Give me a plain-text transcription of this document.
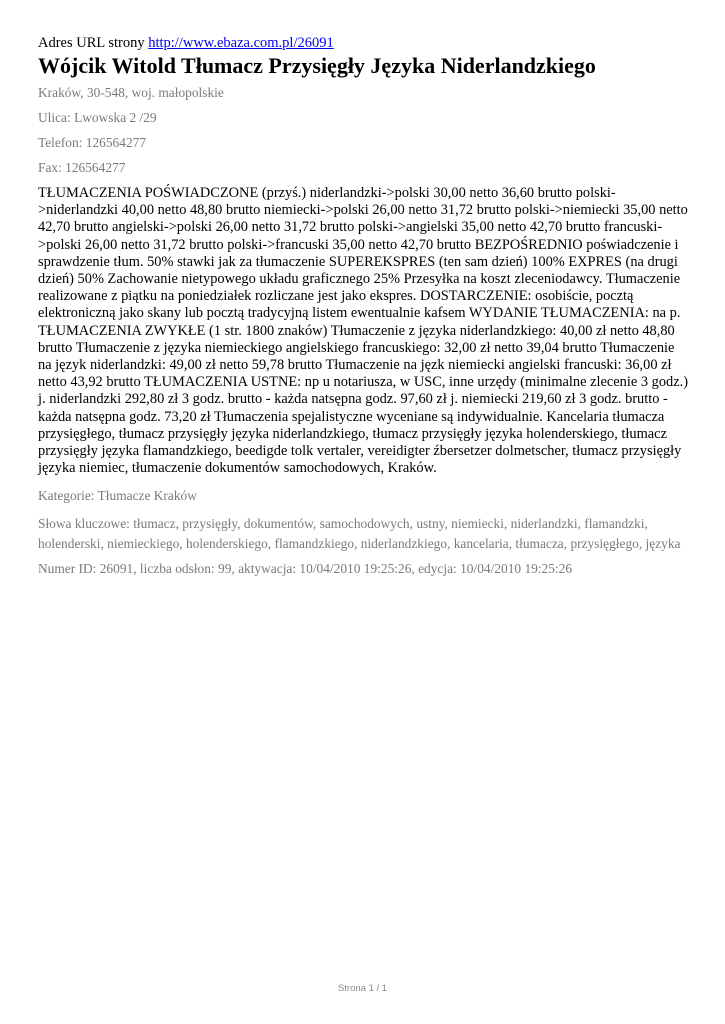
Adres URL strony http://www.ebaza.com.pl/26091
Wójcik Witold Tłumacz Przysięgły Języka Niderlandzkiego
Kraków, 30-548, woj. małopolskie
Ulica: Lwowska 2 /29
Telefon: 126564277
Fax: 126564277
TŁUMACZENIA POŚWIADCZONE (przyś.) niderlandzki->polski 30,00 netto 36,60 brutto polski->niderlandzki 40,00 netto 48,80 brutto niemiecki->polski 26,00 netto 31,72 brutto polski->niemiecki 35,00 netto 42,70 brutto angielski->polski 26,00 netto 31,72 brutto polski->angielski 35,00 netto 42,70 brutto francuski->polski 26,00 netto 31,72 brutto polski->francuski 35,00 netto 42,70 brutto BEZPOŚREDNIO poświadczenie i sprawdzenie tłum. 50% stawki jak za tłumaczenie SUPEREKSPRES (ten sam dzień) 100% EXPRES (na drugi dzień) 50% Zachowanie nietypowego układu graficznego 25% Przesyłka na koszt zleceniodawcy. Tłumaczenie realizowane z piątku na poniedziałek rozliczane jest jako ekspres. DOSTARCZENIE: osobiście, pocztą elektroniczną jako skany lub pocztą tradycyjną listem ewentualnie kafsem WYDANIE TŁUMACZENIA: na p. TŁUMACZENIA ZWYKŁE (1 str. 1800 znaków) Tłumaczenie z języka niderlandzkiego: 40,00 zł netto 48,80 brutto Tłumaczenie z języka niemieckiego angielskiego francuskiego: 32,00 zł netto 39,04 brutto Tłumaczenie na język niderlandzki: 49,00 zł netto 59,78 brutto Tłumaczenie na jęzk niemiecki angielski francuski: 36,00 zł netto 43,92 brutto TŁUMACZENIA USTNE: np u notariusza, w USC, inne urzędy (minimalne zlecenie 3 godz.) j. niderlandzki 292,80 zł 3 godz. brutto - każda natsępna godz. 97,60 zł j. niemiecki 219,60 zł 3 godz. brutto - każda natsępna godz. 73,20 zł Tłumaczenia spejalistyczne wyceniane są indywidualnie. Kancelaria tłumacza przysięgłego, tłumacz przysięgły języka niderlandzkiego, tłumacz przysięgły języka holenderskiego, tłumacz przysięgły języka flamandzkiego, beedigde tolk vertaler, vereidigter źbersetzer dolmetscher, tłumacz przysięgły języka niemiec, tłumaczenie dokumentów samochodowych, Kraków.
Kategorie: Tłumacze Kraków
Słowa kluczowe: tłumacz, przysięgły, dokumentów, samochodowych, ustny, niemiecki, niderlandzki, flamandzki,
holenderski, niemieckiego, holenderskiego, flamandzkiego, niderlandzkiego, kancelaria, tłumacza, przysięgłego, języka
Numer ID: 26091, liczba odsłon: 99, aktywacja: 10/04/2010 19:25:26, edycja: 10/04/2010 19:25:26
Strona 1 / 1
